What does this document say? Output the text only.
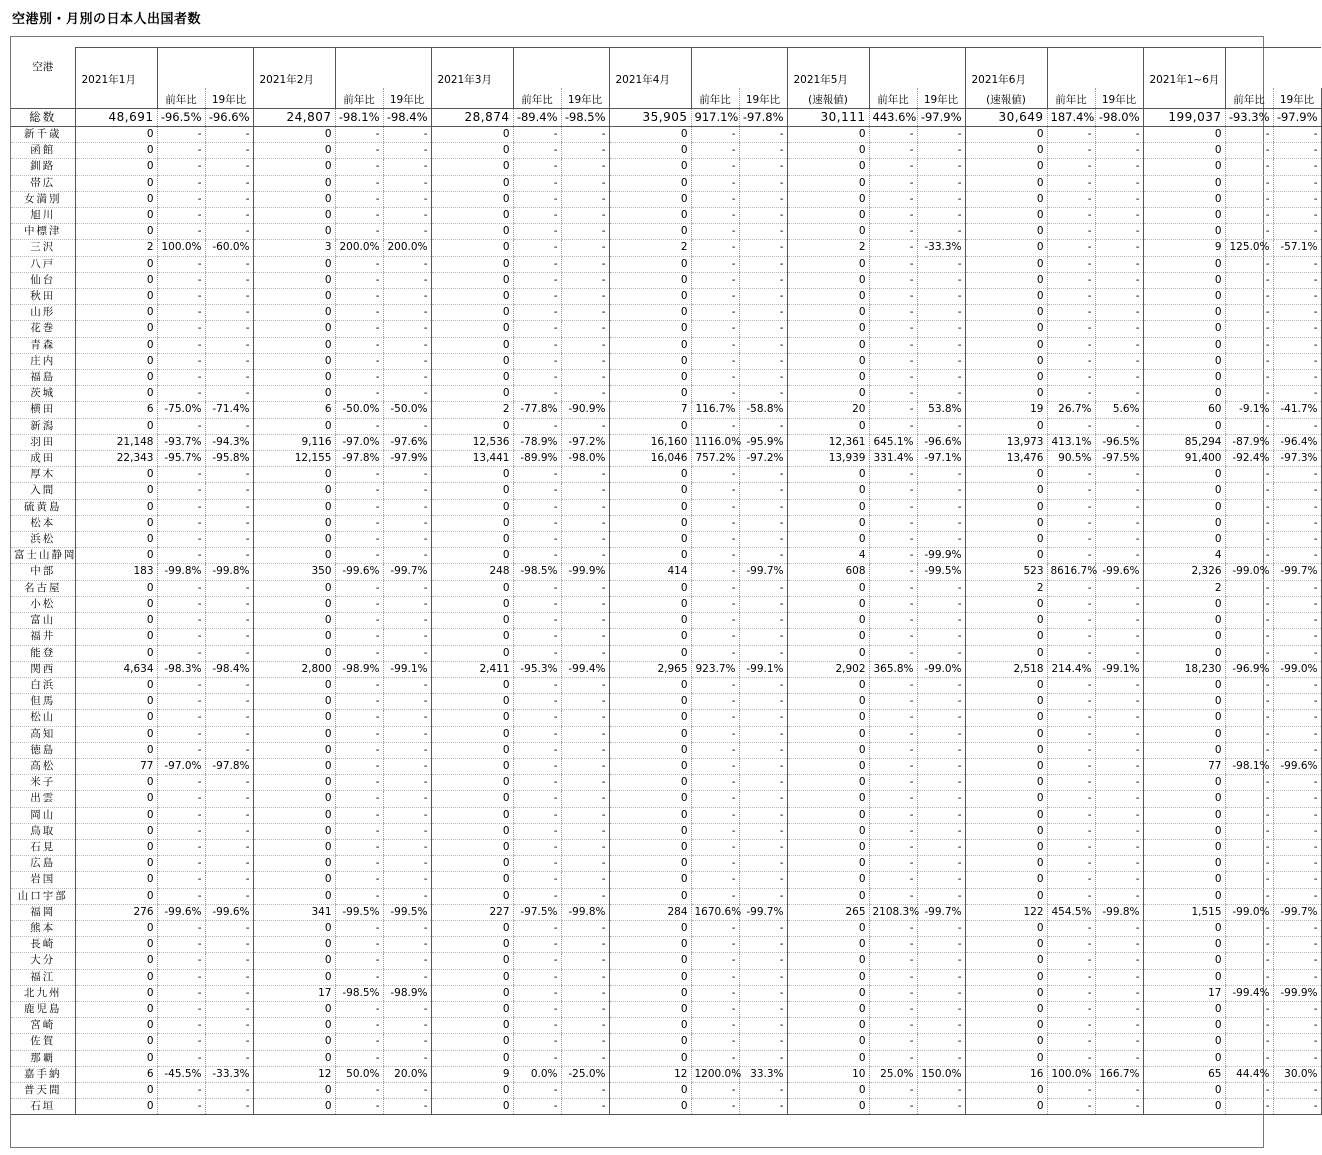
空港別・月別の日本人出国者数
空港	2021年1月			2021年2月			2021年3月			2021年4月			2021年5月			2021年6月			2021年1~6月		
		前年比	19年比		前年比	19年比		前年比	19年比		前年比	19年比	(速報値)	前年比	19年比	(速報値)	前年比	19年比		前年比	19年比
総数	48,691	-96.5%	-96.6%	24,807	-98.1%	-98.4%	28,874	-89.4%	-98.5%	35,905	917.1%	-97.8%	30,111	443.6%	-97.9%	30,649	187.4%	-98.0%	199,037	-93.3%	-97.9%
新千歳	0	-	-	0	-	-	0	-	-	0	-	-	0	-	-	0	-	-	0	-	-
函館	0	-	-	0	-	-	0	-	-	0	-	-	0	-	-	0	-	-	0	-	-
釧路	0	-	-	0	-	-	0	-	-	0	-	-	0	-	-	0	-	-	0	-	-
帯広	0	-	-	0	-	-	0	-	-	0	-	-	0	-	-	0	-	-	0	-	-
女満別	0	-	-	0	-	-	0	-	-	0	-	-	0	-	-	0	-	-	0	-	-
旭川	0	-	-	0	-	-	0	-	-	0	-	-	0	-	-	0	-	-	0	-	-
中標津	0	-	-	0	-	-	0	-	-	0	-	-	0	-	-	0	-	-	0	-	-
三沢	2	100.0%	-60.0%	3	200.0%	200.0%	0	-	-	2	-	-	2	-	-33.3%	0	-	-	9	125.0%	-57.1%
八戸	0	-	-	0	-	-	0	-	-	0	-	-	0	-	-	0	-	-	0	-	-
仙台	0	-	-	0	-	-	0	-	-	0	-	-	0	-	-	0	-	-	0	-	-
秋田	0	-	-	0	-	-	0	-	-	0	-	-	0	-	-	0	-	-	0	-	-
山形	0	-	-	0	-	-	0	-	-	0	-	-	0	-	-	0	-	-	0	-	-
花巻	0	-	-	0	-	-	0	-	-	0	-	-	0	-	-	0	-	-	0	-	-
青森	0	-	-	0	-	-	0	-	-	0	-	-	0	-	-	0	-	-	0	-	-
庄内	0	-	-	0	-	-	0	-	-	0	-	-	0	-	-	0	-	-	0	-	-
福島	0	-	-	0	-	-	0	-	-	0	-	-	0	-	-	0	-	-	0	-	-
茨城	0	-	-	0	-	-	0	-	-	0	-	-	0	-	-	0	-	-	0	-	-
横田	6	-75.0%	-71.4%	6	-50.0%	-50.0%	2	-77.8%	-90.9%	7	116.7%	-58.8%	20	-	53.8%	19	26.7%	5.6%	60	-9.1%	-41.7%
新潟	0	-	-	0	-	-	0	-	-	0	-	-	0	-	-	0	-	-	0	-	-
羽田	21,148	-93.7%	-94.3%	9,116	-97.0%	-97.6%	12,536	-78.9%	-97.2%	16,160	1116.0%	-95.9%	12,361	645.1%	-96.6%	13,973	413.1%	-96.5%	85,294	-87.9%	-96.4%
成田	22,343	-95.7%	-95.8%	12,155	-97.8%	-97.9%	13,441	-89.9%	-98.0%	16,046	757.2%	-97.2%	13,939	331.4%	-97.1%	13,476	90.5%	-97.5%	91,400	-92.4%	-97.3%
厚木	0	-	-	0	-	-	0	-	-	0	-	-	0	-	-	0	-	-	0	-	-
入間	0	-	-	0	-	-	0	-	-	0	-	-	0	-	-	0	-	-	0	-	-
硫黄島	0	-	-	0	-	-	0	-	-	0	-	-	0	-	-	0	-	-	0	-	-
松本	0	-	-	0	-	-	0	-	-	0	-	-	0	-	-	0	-	-	0	-	-
浜松	0	-	-	0	-	-	0	-	-	0	-	-	0	-	-	0	-	-	0	-	-
富士山静岡	0	-	-	0	-	-	0	-	-	0	-	-	4	-	-99.9%	0	-	-	4	-	-
中部	183	-99.8%	-99.8%	350	-99.6%	-99.7%	248	-98.5%	-99.9%	414	-	-99.7%	608	-	-99.5%	523	8616.7%	-99.6%	2,326	-99.0%	-99.7%
名古屋	0	-	-	0	-	-	0	-	-	0	-	-	0	-	-	2	-	-	2	-	-
小松	0	-	-	0	-	-	0	-	-	0	-	-	0	-	-	0	-	-	0	-	-
富山	0	-	-	0	-	-	0	-	-	0	-	-	0	-	-	0	-	-	0	-	-
福井	0	-	-	0	-	-	0	-	-	0	-	-	0	-	-	0	-	-	0	-	-
能登	0	-	-	0	-	-	0	-	-	0	-	-	0	-	-	0	-	-	0	-	-
関西	4,634	-98.3%	-98.4%	2,800	-98.9%	-99.1%	2,411	-95.3%	-99.4%	2,965	923.7%	-99.1%	2,902	365.8%	-99.0%	2,518	214.4%	-99.1%	18,230	-96.9%	-99.0%
白浜	0	-	-	0	-	-	0	-	-	0	-	-	0	-	-	0	-	-	0	-	-
但馬	0	-	-	0	-	-	0	-	-	0	-	-	0	-	-	0	-	-	0	-	-
松山	0	-	-	0	-	-	0	-	-	0	-	-	0	-	-	0	-	-	0	-	-
高知	0	-	-	0	-	-	0	-	-	0	-	-	0	-	-	0	-	-	0	-	-
徳島	0	-	-	0	-	-	0	-	-	0	-	-	0	-	-	0	-	-	0	-	-
高松	77	-97.0%	-97.8%	0	-	-	0	-	-	0	-	-	0	-	-	0	-	-	77	-98.1%	-99.6%
米子	0	-	-	0	-	-	0	-	-	0	-	-	0	-	-	0	-	-	0	-	-
出雲	0	-	-	0	-	-	0	-	-	0	-	-	0	-	-	0	-	-	0	-	-
岡山	0	-	-	0	-	-	0	-	-	0	-	-	0	-	-	0	-	-	0	-	-
鳥取	0	-	-	0	-	-	0	-	-	0	-	-	0	-	-	0	-	-	0	-	-
石見	0	-	-	0	-	-	0	-	-	0	-	-	0	-	-	0	-	-	0	-	-
広島	0	-	-	0	-	-	0	-	-	0	-	-	0	-	-	0	-	-	0	-	-
岩国	0	-	-	0	-	-	0	-	-	0	-	-	0	-	-	0	-	-	0	-	-
山口宇部	0	-	-	0	-	-	0	-	-	0	-	-	0	-	-	0	-	-	0	-	-
福岡	276	-99.6%	-99.6%	341	-99.5%	-99.5%	227	-97.5%	-99.8%	284	1670.6%	-99.7%	265	2108.3%	-99.7%	122	454.5%	-99.8%	1,515	-99.0%	-99.7%
熊本	0	-	-	0	-	-	0	-	-	0	-	-	0	-	-	0	-	-	0	-	-
長崎	0	-	-	0	-	-	0	-	-	0	-	-	0	-	-	0	-	-	0	-	-
大分	0	-	-	0	-	-	0	-	-	0	-	-	0	-	-	0	-	-	0	-	-
福江	0	-	-	0	-	-	0	-	-	0	-	-	0	-	-	0	-	-	0	-	-
北九州	0	-	-	17	-98.5%	-98.9%	0	-	-	0	-	-	0	-	-	0	-	-	17	-99.4%	-99.9%
鹿児島	0	-	-	0	-	-	0	-	-	0	-	-	0	-	-	0	-	-	0	-	-
宮崎	0	-	-	0	-	-	0	-	-	0	-	-	0	-	-	0	-	-	0	-	-
佐賀	0	-	-	0	-	-	0	-	-	0	-	-	0	-	-	0	-	-	0	-	-
那覇	0	-	-	0	-	-	0	-	-	0	-	-	0	-	-	0	-	-	0	-	-
嘉手納	6	-45.5%	-33.3%	12	50.0%	20.0%	9	0.0%	-25.0%	12	1200.0%	33.3%	10	25.0%	150.0%	16	100.0%	166.7%	65	44.4%	30.0%
普天間	0	-	-	0	-	-	0	-	-	0	-	-	0	-	-	0	-	-	0	-	-
石垣	0	-	-	0	-	-	0	-	-	0	-	-	0	-	-	0	-	-	0	-	-
